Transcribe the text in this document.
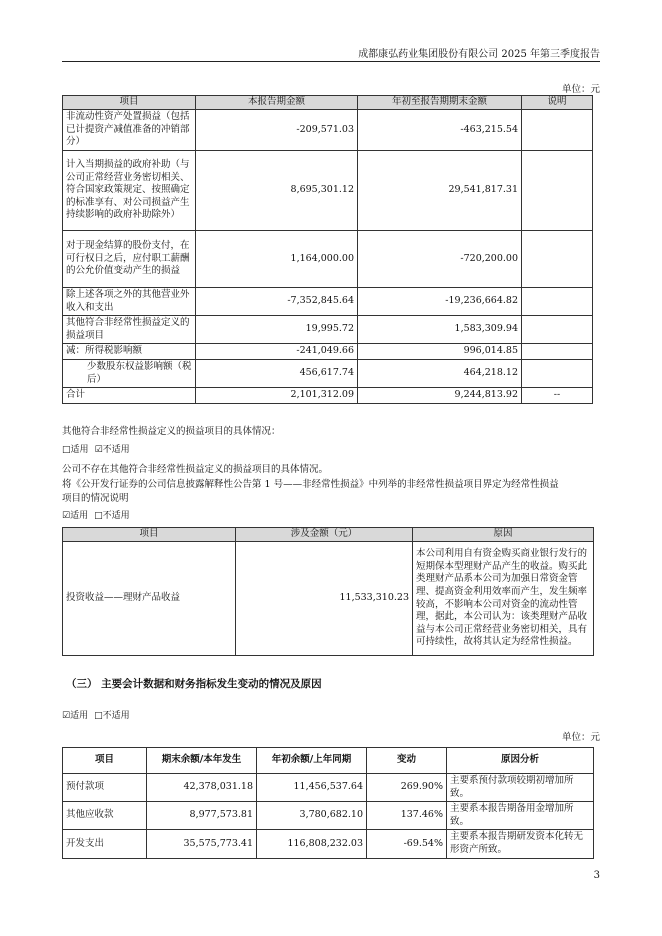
成都康弘药业集团股份有限公司 2025 年第三季度报告
单位：元
项目	本报告期金额	年初至报告期期末金额	说明
非流动性资产处置损益（包括已计提资产减值准备的冲销部分）	-209,571.03	-463,215.54	
计入当期损益的政府补助（与公司正常经营业务密切相关、符合国家政策规定、按照确定的标准享有、对公司损益产生持续影响的政府补助除外）	8,695,301.12	29,541,817.31	
对于现金结算的股份支付，在可行权日之后，应付职工薪酬的公允价值变动产生的损益	1,164,000.00	-720,200.00	
除上述各项之外的其他营业外收入和支出	-7,352,845.64	-19,236,664.82	
其他符合非经常性损益定义的损益项目	19,995.72	1,583,309.94	
减：所得税影响额	-241,049.66	996,014.85	
少数股东权益影响额（税后）	456,617.74	464,218.12	
合计	2,101,312.09	9,244,813.92	--
其他符合非经常性损益定义的损益项目的具体情况：
□适用 ☑不适用
公司不存在其他符合非经常性损益定义的损益项目的具体情况。
将《公开发行证券的公司信息披露解释性公告第 1 号——非经常性损益》中列举的非经常性损益项目界定为经常性损益
项目的情况说明
☑适用 □不适用
项目	涉及金额（元）	原因
投资收益——理财产品收益	11,533,310.23	本公司利用自有资金购买商业银行发行的短期保本型理财产品产生的收益。购买此类理财产品系本公司为加强日常资金管理、提高资金利用效率而产生，发生频率较高，不影响本公司对资金的流动性管理，据此，本公司认为：该类理财产品收益与本公司正常经营业务密切相关，具有可持续性，故将其认定为经常性损益。
（三） 主要会计数据和财务指标发生变动的情况及原因
☑适用 □不适用
单位：元
项目	期末余额/本年发生	年初余额/上年同期	变动	原因分析
预付款项	42,378,031.18	11,456,537.64	269.90%	主要系预付款项较期初增加所致。
其他应收款	8,977,573.81	3,780,682.10	137.46%	主要系本报告期备用金增加所致。
开发支出	35,575,773.41	116,808,232.03	-69.54%	主要系本报告期研发资本化转无形资产所致。
3
